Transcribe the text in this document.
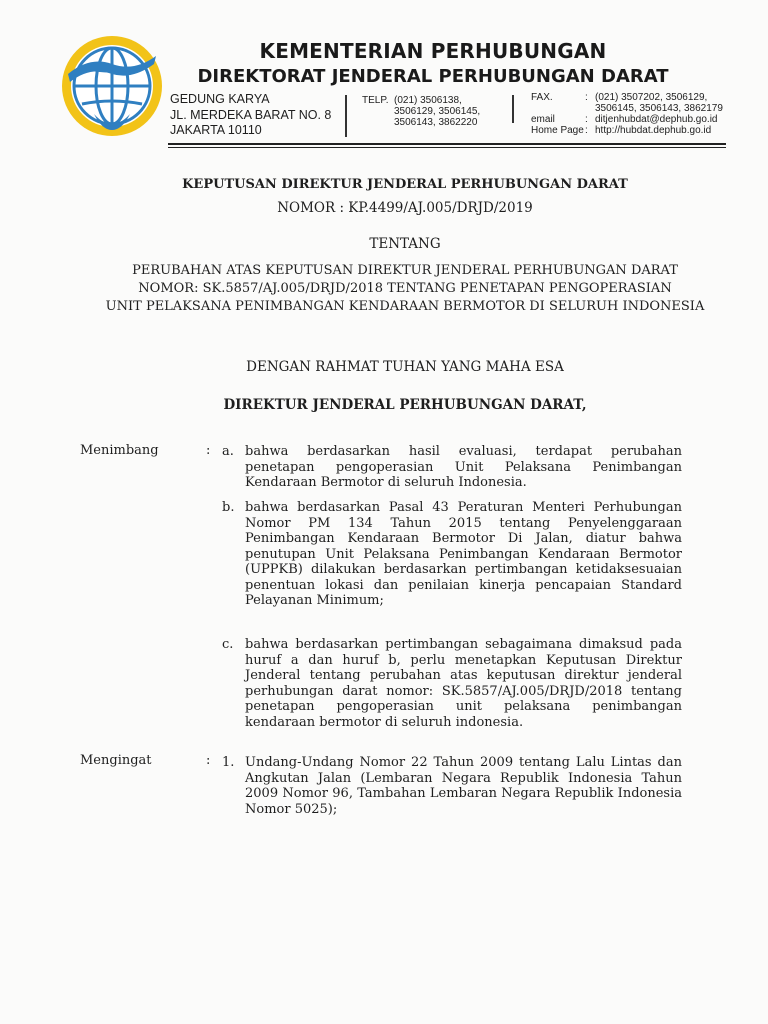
KEMENTERIAN PERHUBUNGAN
DIREKTORAT JENDERAL PERHUBUNGAN DARAT
GEDUNG KARYA
JL. MERDEKA BARAT NO. 8
JAKARTA 10110
TELP. (021) 3506138,
3506129, 3506145,
3506143, 3862220
FAX.	: (021) 3507202, 3506129,
3506145, 3506143, 3862179
email	: ditjenhubdat@dephub.go.id
Home Page : http://hubdat.dephub.go.id
KEPUTUSAN DIREKTUR JENDERAL PERHUBUNGAN DARAT
NOMOR : KP.4499/AJ.005/DRJD/2019
TENTANG
PERUBAHAN ATAS KEPUTUSAN DIREKTUR JENDERAL PERHUBUNGAN DARAT
NOMOR: SK.5857/AJ.005/DRJD/2018 TENTANG PENETAPAN PENGOPERASIAN
UNIT PELAKSANA PENIMBANGAN KENDARAAN BERMOTOR DI SELURUH INDONESIA
DENGAN RAHMAT TUHAN YANG MAHA ESA
DIREKTUR JENDERAL PERHUBUNGAN DARAT,
Menimbang	: a. bahwa berdasarkan hasil evaluasi, terdapat perubahan penetapan pengoperasian Unit Pelaksana Penimbangan Kendaraan Bermotor di seluruh Indonesia.
b. bahwa berdasarkan Pasal 43 Peraturan Menteri Perhubungan Nomor PM 134 Tahun 2015 tentang Penyelenggaraan Penimbangan Kendaraan Bermotor Di Jalan, diatur bahwa penutupan Unit Pelaksana Penimbangan Kendaraan Bermotor (UPPKB) dilakukan berdasarkan pertimbangan ketidaksesuaian penentuan lokasi dan penilaian kinerja pencapaian Standard Pelayanan Minimum;
c. bahwa berdasarkan pertimbangan sebagaimana dimaksud pada huruf a dan huruf b, perlu menetapkan Keputusan Direktur Jenderal tentang perubahan atas keputusan direktur jenderal perhubungan darat nomor: SK.5857/AJ.005/DRJD/2018 tentang penetapan pengoperasian unit pelaksana penimbangan kendaraan bermotor di seluruh indonesia.
Mengingat	: 1. Undang-Undang Nomor 22 Tahun 2009 tentang Lalu Lintas dan Angkutan Jalan (Lembaran Negara Republik Indonesia Tahun 2009 Nomor 96, Tambahan Lembaran Negara Republik Indonesia Nomor 5025);
